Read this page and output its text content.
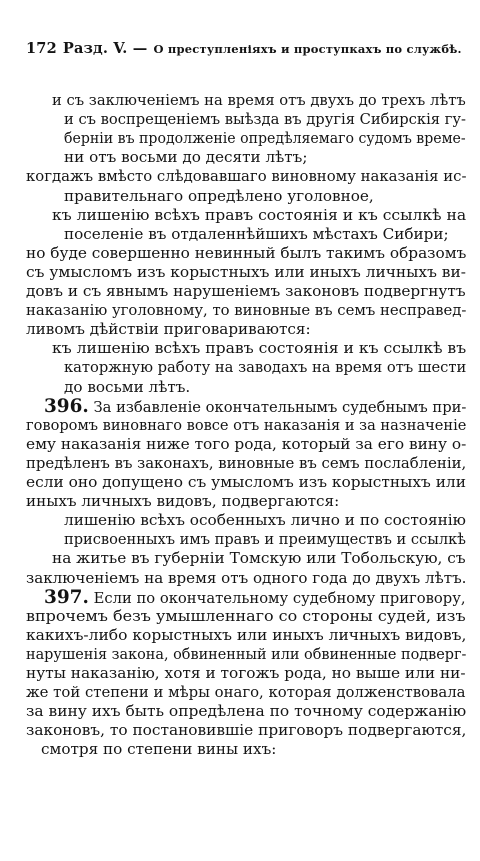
172 Разд. V. — О преступленіяхъ и проступкахъ по службѣ.
и съ заключеніемъ на время отъ двухъ до трехъ лѣтъ
и съ воспрещеніемъ выѣзда въ другія Сибирскія гу-
берніи въ продолженіе опредѣляемаго судомъ време-
ни отъ восьми до десяти лѣтъ;
когдажъ вмѣсто слѣдовавшаго виновному наказанія ис-
правительнаго опредѣлено уголовное,
къ лишенію всѣхъ правъ состоянія и къ ссылкѣ на
поселеніе въ отдаленнѣйшихъ мѣстахъ Сибири;
но буде совершенно невинный былъ такимъ образомъ
съ умысломъ изъ корыстныхъ или иныхъ личныхъ ви-
довъ и съ явнымъ нарушеніемъ законовъ подвергнутъ
наказанію уголовному, то виновные въ семъ несправед-
ливомъ дѣйствіи приговариваются:
къ лишенію всѣхъ правъ состоянія и къ ссылкѣ въ
каторжную работу на заводахъ на время отъ шести
до восьми лѣтъ.
396. За избавленіе окончательнымъ судебнымъ при-
говоромъ виновнаго вовсе отъ наказанія и за назначеніе
ему наказанія ниже того рода, который за его вину о-
предѣленъ въ законахъ, виновные въ семъ послабленіи,
если оно допущено съ умысломъ изъ корыстныхъ или
иныхъ личныхъ видовъ, подвергаются:
лишенію всѣхъ особенныхъ лично и по состоянію
присвоенныхъ имъ правъ и преимуществъ и ссылкѣ
на житье въ губерніи Томскую или Тобольскую, съ
заключеніемъ на время отъ одного года до двухъ лѣтъ.
397. Если по окончательному судебному приговору,
впрочемъ безъ умышленнаго со стороны судей, изъ
какихъ-либо корыстныхъ или иныхъ личныхъ видовъ,
нарушенія закона, обвиненный или обвиненные подверг-
нуты наказанію, хотя и тогожъ рода, но выше или ни-
же той степени и мѣры онаго, которая долженствовала
за вину ихъ быть опредѣлена по точному содержанію
законовъ, то постановившіе приговоръ подвергаются,
смотря по степени вины ихъ:
